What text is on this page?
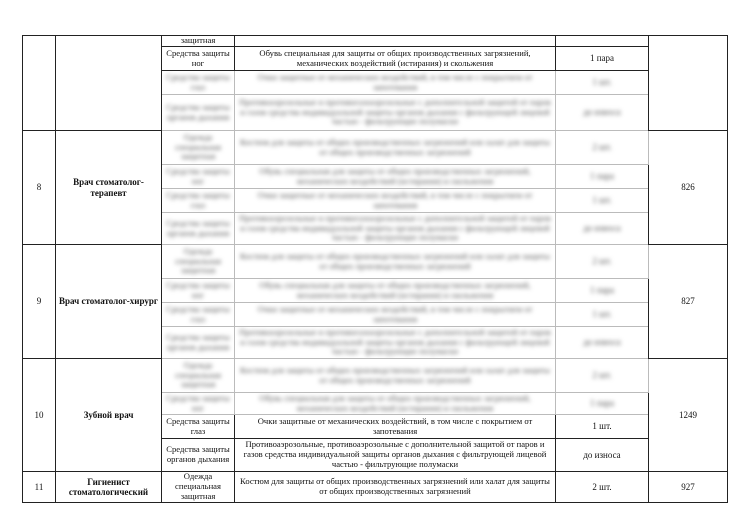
		защитная			
		Средства защиты ног	Обувь специальная для защиты от общих производственных загрязнений, механических воздействий (истирания) и скольжения	1 пара	

		Средства защиты глаз	Очки защитные от механических воздействий, в том числе с покрытием от запотевания	1 шт.	

		Средства защиты органов дыхания	Противоаэрозольные и противогазоаэрозольные с дополнительной защитой от паров и газов средства индивидуальной защиты органов дыхания с фильтрующей лицевой частью - фильтрующие полумаски	до износа	

8	Врач стоматолог-терапевт	Одежда специальная защитная	Костюм для защиты от общих производственных загрязнений или халат для защиты от общих производственных загрязнений	2 шт.	826

		Средства защиты ног	Обувь специальная для защиты от общих производственных загрязнений, механических воздействий (истирания) и скольжения	1 пара	

		Средства защиты глаз	Очки защитные от механических воздействий, в том числе с покрытием от запотевания	1 шт.	

		Средства защиты органов дыхания	Противоаэрозольные и противогазоаэрозольные с дополнительной защитой от паров и газов средства индивидуальной защиты органов дыхания с фильтрующей лицевой частью - фильтрующие полумаски	до износа	

9	Врач стоматолог-хирург	Одежда специальная защитная	Костюм для защиты от общих производственных загрязнений или халат для защиты от общих производственных загрязнений	2 шт.	827

		Средства защиты ног	Обувь специальная для защиты от общих производственных загрязнений, механических воздействий (истирания) и скольжения	1 пара	

		Средства защиты глаз	Очки защитные от механических воздействий, в том числе с покрытием от запотевания	1 шт.	

		Средства защиты органов дыхания	Противоаэрозольные и противогазоаэрозольные с дополнительной защитой от паров и газов средства индивидуальной защиты органов дыхания с фильтрующей лицевой частью - фильтрующие полумаски	до износа	

10	Зубной врач	Одежда специальная защитная	Костюм для защиты от общих производственных загрязнений или халат для защиты от общих производственных загрязнений	2 шт.	1249

		Средства защиты ног	Обувь специальная для защиты от общих производственных загрязнений, механических воздействий (истирания) и скольжения	1 пара	

		Средства защиты глаз	Очки защитные от механических воздействий, в том числе с покрытием от запотевания	1 шт.	
		Средства защиты органов дыхания	Противоаэрозольные, противоаэрозольные с дополнительной защитой от паров и газов средства индивидуальной защиты органов дыхания с фильтрующей лицевой частью - фильтрующие полумаски	до износа	
11	Гигиенист стоматологический	Одежда специальная защитная	Костюм для защиты от общих производственных загрязнений или халат для защиты от общих производственных загрязнений	2 шт.	927
